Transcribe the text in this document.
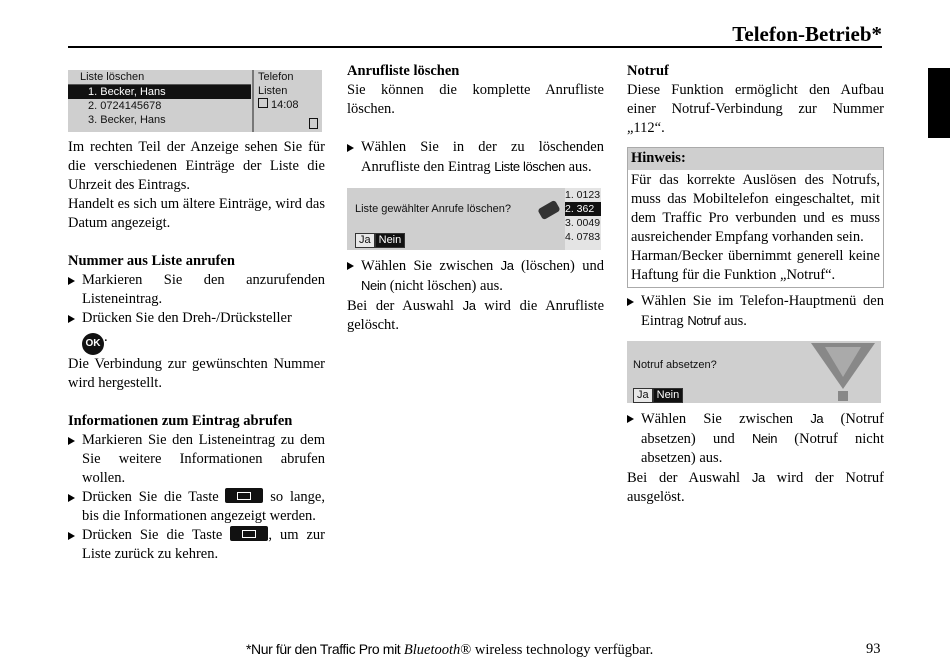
Telefon-Betrieb*
Liste löschen
1. Becker, Hans
2. 0724145678
3. Becker, Hans
Telefon
Listen
14:08

Im rechten Teil der Anzeige sehen Sie für die verschiedenen Einträge der Liste die Uhrzeit des Eintrags.

Handelt es sich um ältere Einträge, wird das Datum angezeigt.

Nummer aus Liste anrufen

Markieren Sie den anzurufenden Listeneintrag.

Drücken Sie den Dreh-/Drücksteller
OK .

Die Verbindung zur gewünschten Nummer wird hergestellt.

Informationen zum Eintrag abrufen

Markieren Sie den Listeneintrag zu dem Sie weitere Informationen abrufen wollen.

Drücken Sie die Taste	so lange, bis die Informationen angezeigt werden.

Drücken Sie die Taste	, um zur Liste zurück zu kehren.

Anrufliste löschen

Sie können die komplette Anrufliste löschen.

Wählen Sie in der zu löschenden Anrufliste den Eintrag Liste löschen aus.

Liste gewählter Anrufe löschen?
Ja Nein
1. 0123
2. 362
3. 0049
4. 0783

Wählen Sie zwischen Ja (löschen) und Nein (nicht löschen) aus.

Bei der Auswahl Ja wird die Anrufliste gelöscht.

Notruf

Diese Funktion ermöglicht den Aufbau einer Notruf-Verbindung zur Nummer „112“.

Hinweis:

Für das korrekte Auslösen des Notrufs, muss das Mobiltelefon eingeschaltet, mit dem Traffic Pro verbunden und es muss ausreichender Empfang vorhanden sein.

Harman/Becker übernimmt generell keine Haftung für die Funktion „Notruf“.

Wählen Sie im Telefon-Hauptmenü den Eintrag Notruf aus.

Notruf absetzen?
Ja Nein

Wählen Sie zwischen Ja (Notruf absetzen) und Nein (Notruf nicht absetzen) aus.

Bei der Auswahl Ja wird der Notruf ausgelöst.

*Nur für den Traffic Pro mit Bluetooth® wireless technology verfügbar.	93
